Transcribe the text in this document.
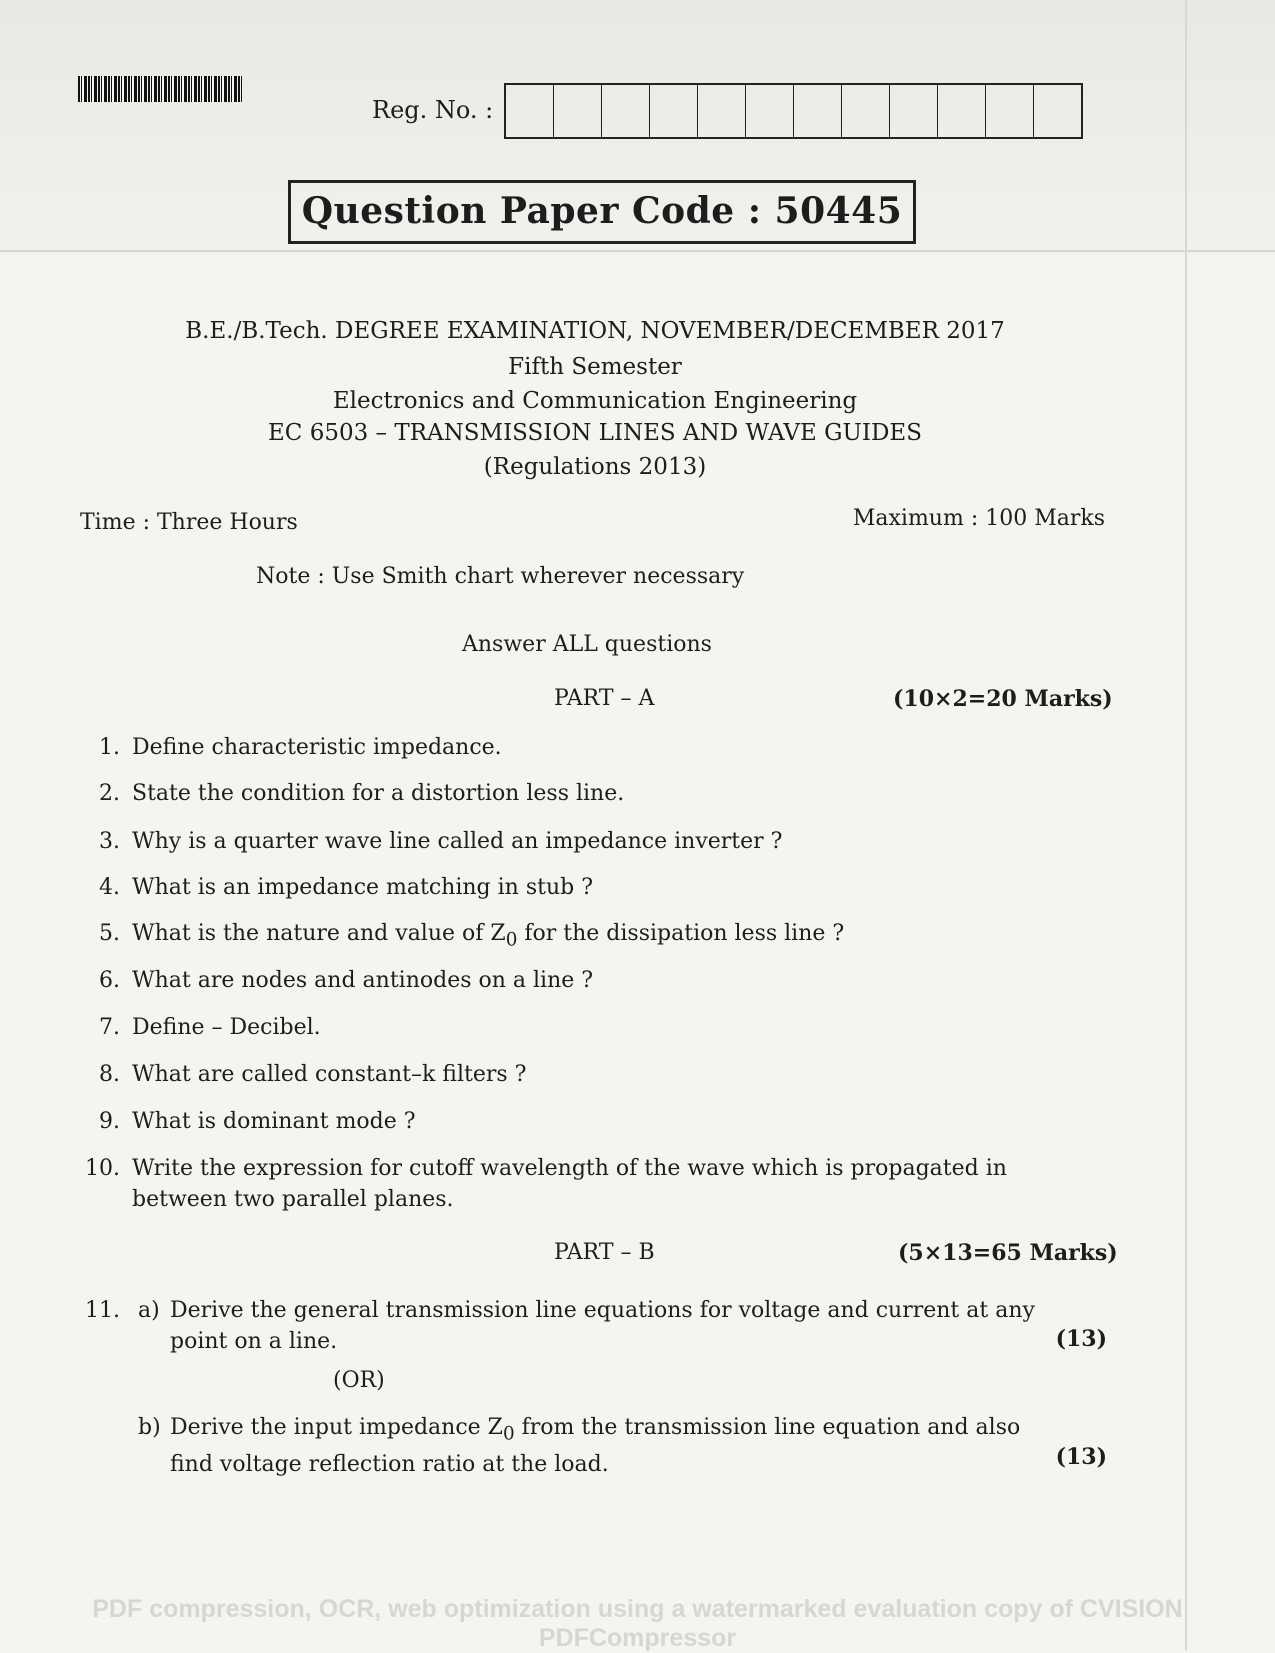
Reg. No. :
Question Paper Code : 50445
B.E./B.Tech. DEGREE EXAMINATION, NOVEMBER/DECEMBER 2017
Fifth Semester
Electronics and Communication Engineering
EC 6503 – TRANSMISSION LINES AND WAVE GUIDES
(Regulations 2013)
Time : Three Hours	Maximum : 100 Marks
Note : Use Smith chart wherever necessary
Answer ALL questions
PART – A	(10×2=20 Marks)
1. Define characteristic impedance.
2. State the condition for a distortion less line.
3. Why is a quarter wave line called an impedance inverter ?
4. What is an impedance matching in stub ?
5. What is the nature and value of $Z_0$ for the dissipation less line ?
6. What are nodes and antinodes on a line ?
7. Define – Decibel.
8. What are called constant–k filters ?
9. What is dominant mode ?
10. Write the expression for cutoff wavelength of the wave which is propagated in between two parallel planes.
PART – B	(5×13=65 Marks)
11. a) Derive the general transmission line equations for voltage and current at any point on a line.	(13)
(OR)
b) Derive the input impedance $Z_0$ from the transmission line equation and also find voltage reflection ratio at the load.	(13)
PDF compression, OCR, web optimization using a watermarked evaluation copy of CVISION PDFCompressor
